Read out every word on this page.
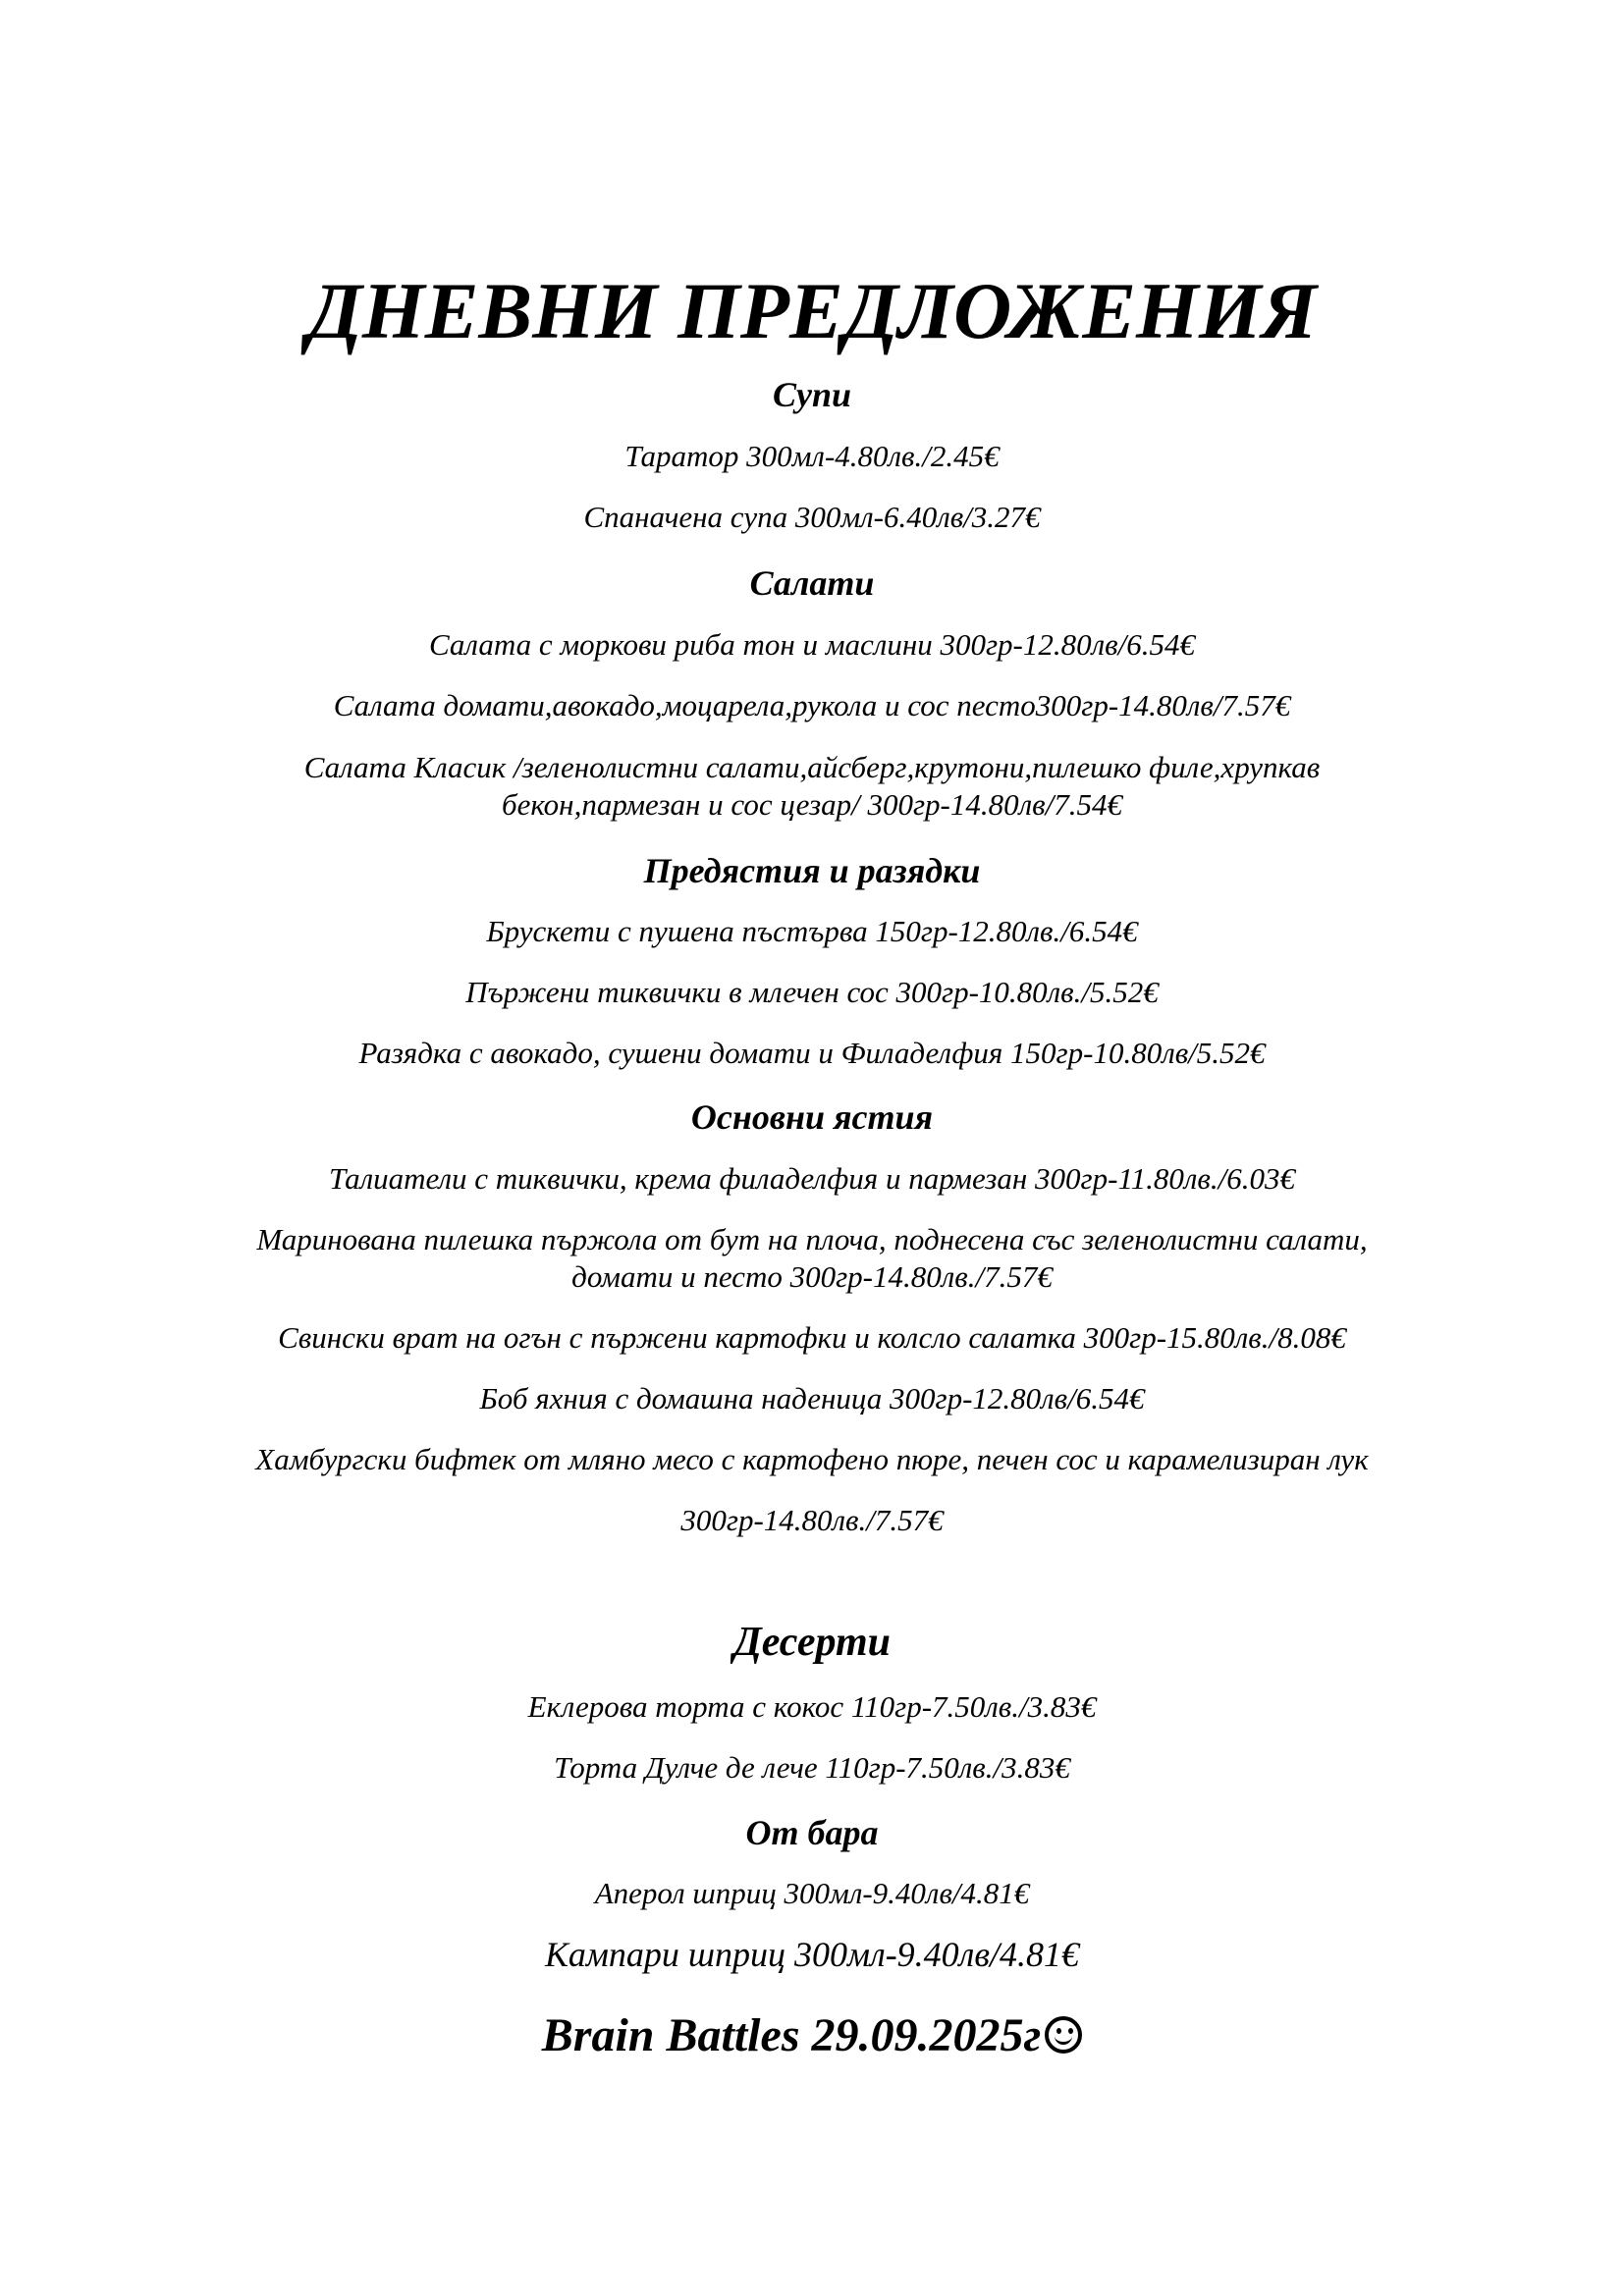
ДНЕВНИ ПРЕДЛОЖЕНИЯ
Супи
Таратор 300мл-4.80лв./2.45€
Спаначена супа 300мл-6.40лв/3.27€
Салати
Салата с моркови риба тон и маслини 300гр-12.80лв/6.54€
Салата домати,авокадо,моцарела,рукола и сос песто300гр-14.80лв/7.57€
Салата Класик /зеленолистни салати,айсберг,крутони,пилешко филе,хрупкав
бекон,пармезан и сос цезар/ 300гр-14.80лв/7.54€
Предястия и разядки
Брускети с пушена пъстърва 150гр-12.80лв./6.54€
Пържени тиквички в млечен сос 300гр-10.80лв./5.52€
Разядка с авокадо, сушени домати и Филаделфия 150гр-10.80лв/5.52€
Основни ястия
Талиатели с тиквички, крема филаделфия и пармезан 300гр-11.80лв./6.03€
Маринована пилешка пържола от бут на плоча, поднесена със зеленолистни салати,
домати и песто 300гр-14.80лв./7.57€
Свински врат на огън с пържени картофки и колсло салатка 300гр-15.80лв./8.08€
Боб яхния с домашна наденица 300гр-12.80лв/6.54€
Хамбургски бифтек от мляно месо с картофено пюре, печен сос и карамелизиран лук
300гр-14.80лв./7.57€
Десерти
Еклерова торта с кокос 110гр-7.50лв./3.83€
Торта Дулче де лече 110гр-7.50лв./3.83€
От бара
Аперол шприц 300мл-9.40лв/4.81€
Кампари шприц 300мл-9.40лв/4.81€
Brain Battles 29.09.2025г
